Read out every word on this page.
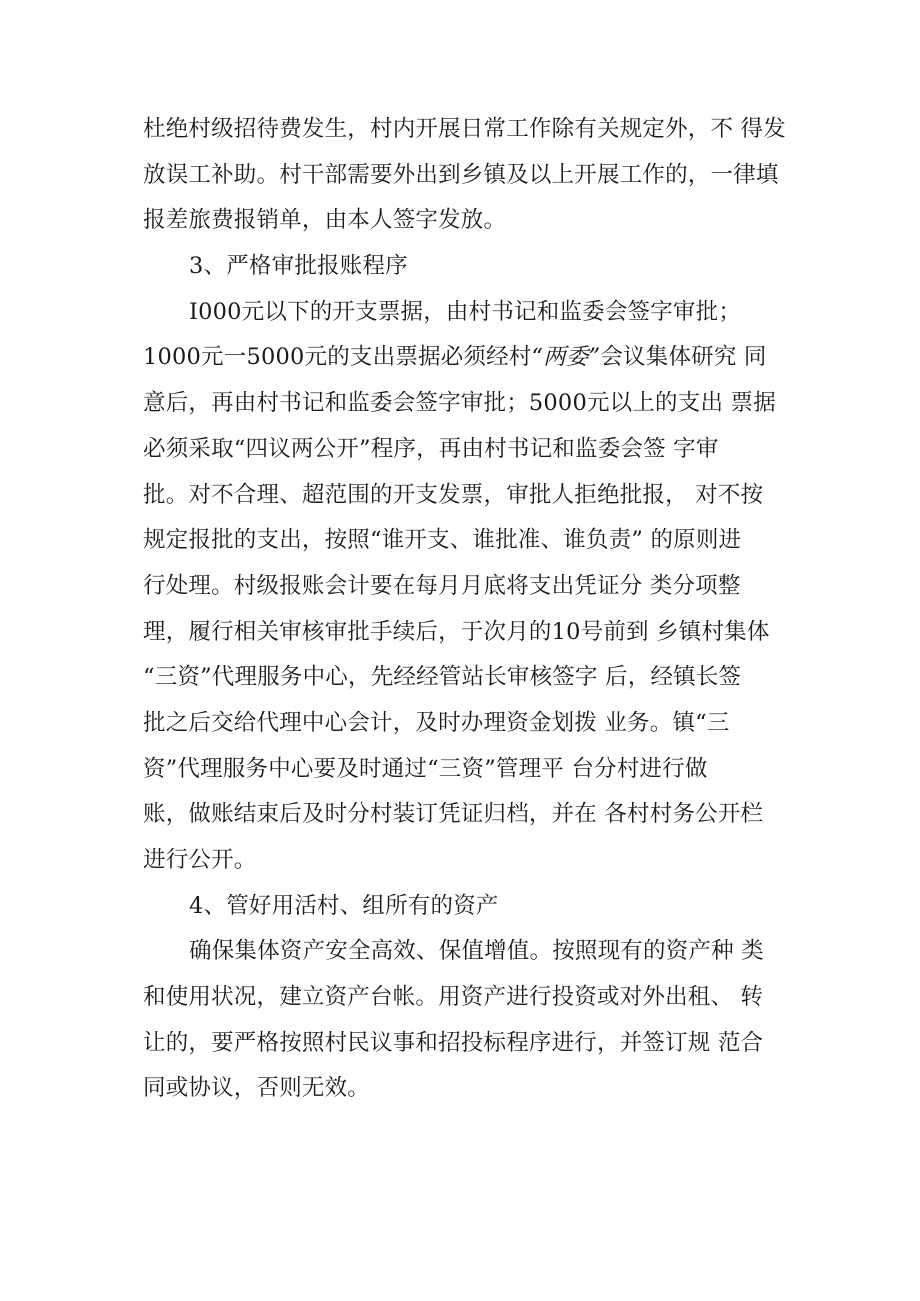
杜绝村级招待费发生，村内开展日常工作除有关规定外，不 得发
放误工补助。村干部需要外出到乡镇及以上开展工作的，一律填
报差旅费报销单，由本人签字发放。
3、严格审批报账程序
I000元以下的开支票据，由村书记和监委会签字审批；
1000元一5000元的支出票据必须经村“两委”会议集体研究 同
意后，再由村书记和监委会签字审批；5000元以上的支出 票据
必须采取“四议两公开”程序，再由村书记和监委会签 字审
批。对不合理、超范围的开支发票，审批人拒绝批报， 对不按
规定报批的支出，按照“谁开支、谁批准、谁负责” 的原则进
行处理。村级报账会计要在每月月底将支出凭证分 类分项整
理，履行相关审核审批手续后，于次月的10号前到 乡镇村集体
“三资”代理服务中心，先经经管站长审核签字 后，经镇长签
批之后交给代理中心会计，及时办理资金划拨 业务。镇“三
资”代理服务中心要及时通过“三资”管理平 台分村进行做
账，做账结束后及时分村装订凭证归档，并在 各村村务公开栏
进行公开。
4、管好用活村、组所有的资产
确保集体资产安全高效、保值增值。按照现有的资产种 类
和使用状况，建立资产台帐。用资产进行投资或对外出租、 转
让的，要严格按照村民议事和招投标程序进行，并签订规 范合
同或协议，否则无效。
